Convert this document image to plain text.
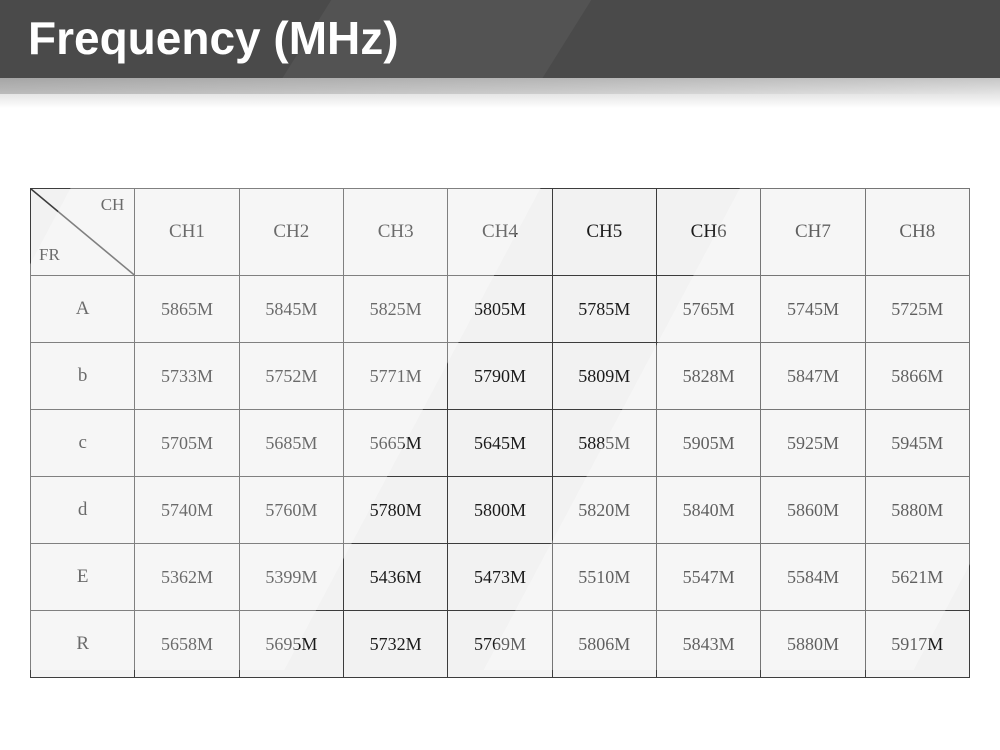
Frequency (MHz)
CH
FR	CH1	CH2	CH3	CH4	CH5	CH6	CH7	CH8
A	5865M	5845M	5825M	5805M	5785M	5765M	5745M	5725M
b	5733M	5752M	5771M	5790M	5809M	5828M	5847M	5866M
c	5705M	5685M	5665M	5645M	5885M	5905M	5925M	5945M
d	5740M	5760M	5780M	5800M	5820M	5840M	5860M	5880M
E	5362M	5399M	5436M	5473M	5510M	5547M	5584M	5621M
R	5658M	5695M	5732M	5769M	5806M	5843M	5880M	5917M
